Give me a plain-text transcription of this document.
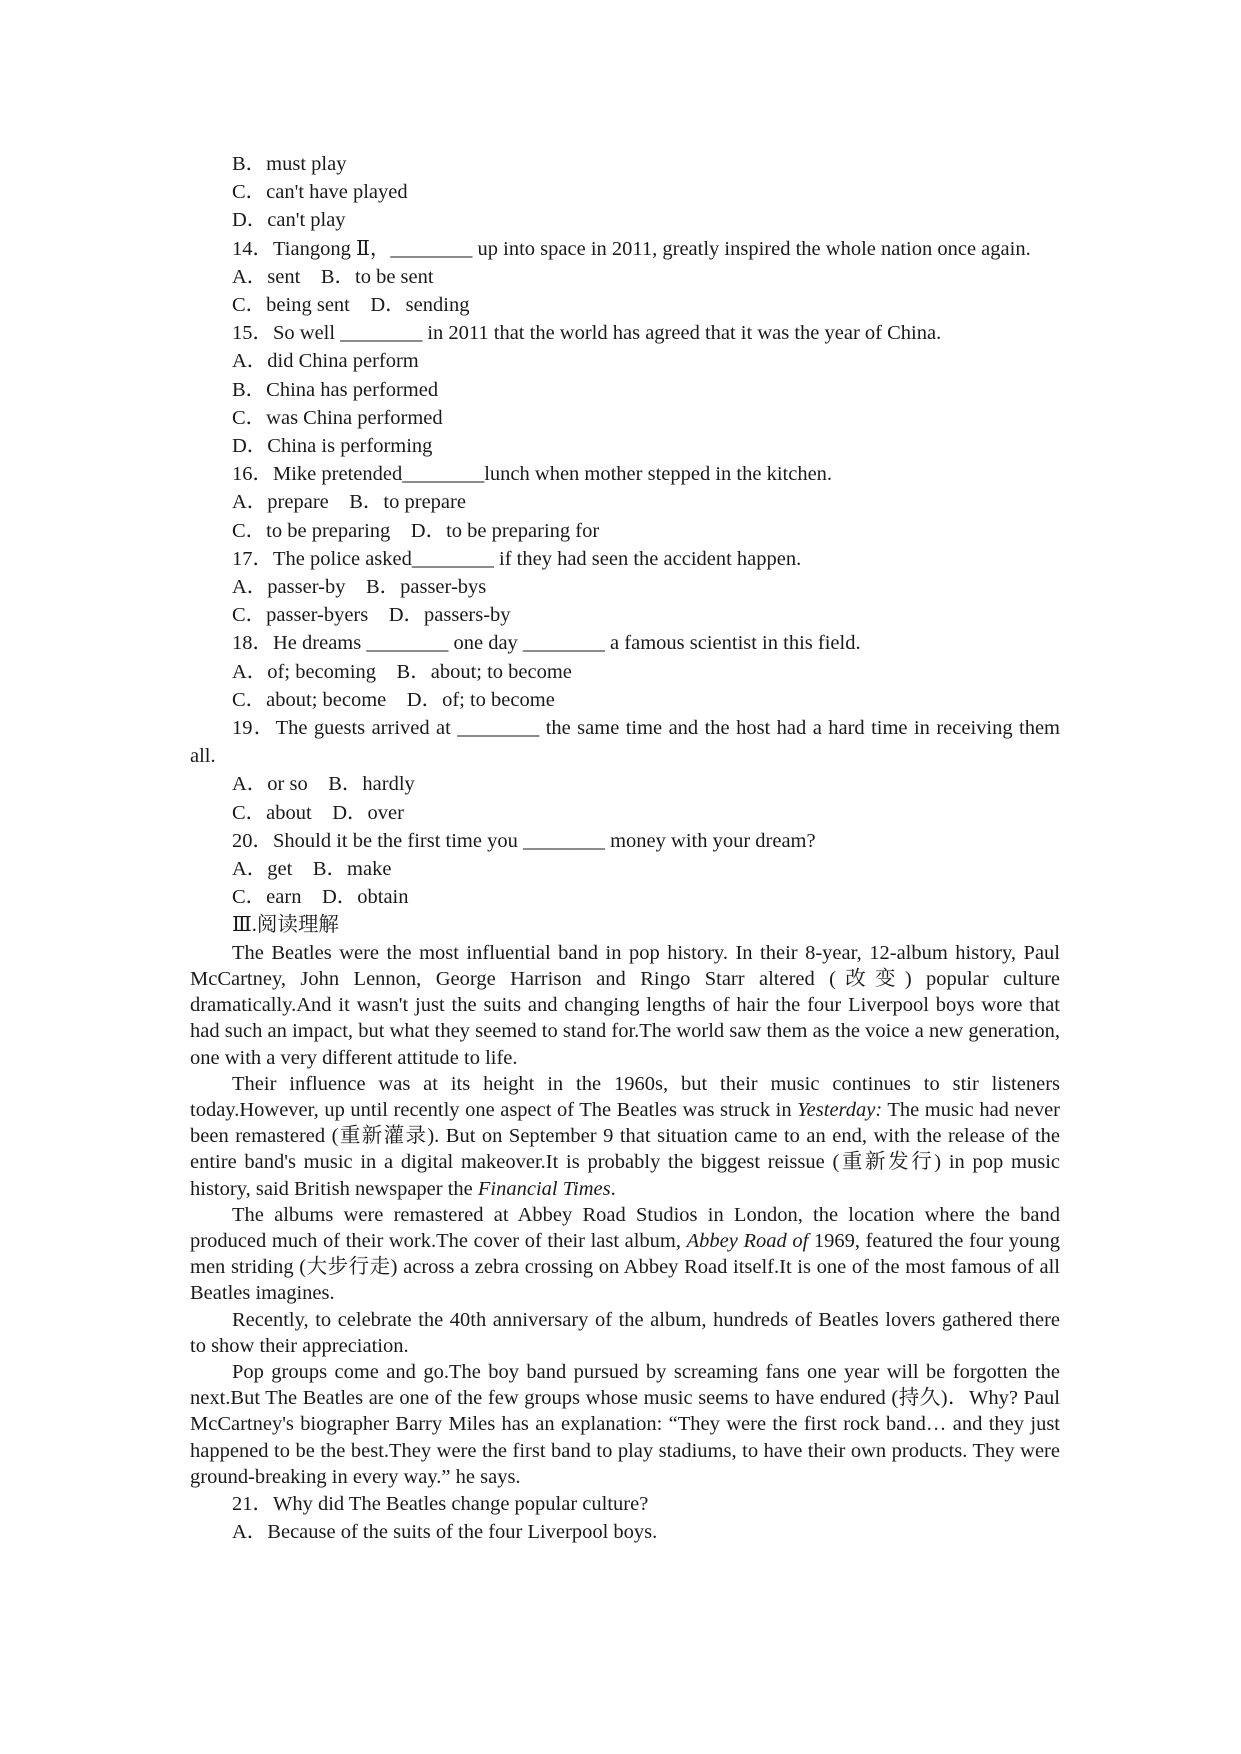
B．must play
C．can't have played
D．can't play

14．Tiangong Ⅱ，________ up into space in 2011, greatly inspired the whole nation once again.

A．sent    B．to be sent
C．being sent    D．sending
15．So well ________ in 2011 that the world has agreed that it was the year of China.
A．did China perform
B．China has performed
C．was China performed
D．China is performing
16．Mike pretended________lunch when mother stepped in the kitchen.
A．prepare    B．to prepare
C．to be preparing    D．to be preparing for
17．The police asked________ if they had seen the accident happen.
A．passer-by    B．passer-bys
C．passer-byers    D．passers-by
18．He dreams ________ one day ________ a famous scientist in this field.
A．of; becoming    B．about; to become
C．about; become    D．of; to become

19．The guests arrived at ________ the same time and the host had a hard time in receiving them all.

A．or so    B．hardly
C．about    D．over
20．Should it be the first time you ________ money with your dream?
A．get    B．make
C．earn    D．obtain
Ⅲ.阅读理解

The Beatles were the most influential band in pop history. In their 8-year, 12-album history, Paul McCartney, John Lennon, George Harrison and Ringo Starr altered (改变) popular culture dramatically.And it wasn't just the suits and changing lengths of hair the four Liverpool boys wore that had such an impact, but what they seemed to stand for.The world saw them as the voice a new generation, one with a very different attitude to life.

Their influence was at its height in the 1960s, but their music continues to stir listeners today.However, up until recently one aspect of The Beatles was struck in Yesterday: The music had never been remastered (重新灌录). But on September 9 that situation came to an end, with the release of the entire band's music in a digital makeover.It is probably the biggest reissue (重新发行) in pop music history, said British newspaper the Financial Times.

The albums were remastered at Abbey Road Studios in London, the location where the band produced much of their work.The cover of their last album, Abbey Road of 1969, featured the four young men striding (大步行走) across a zebra crossing on Abbey Road itself.It is one of the most famous of all Beatles imagines.

Recently, to celebrate the 40th anniversary of the album, hundreds of Beatles lovers gathered there to show their appreciation.

Pop groups come and go.The boy band pursued by screaming fans one year will be forgotten the next.But The Beatles are one of the few groups whose music seems to have endured (持久)．Why? Paul McCartney's biographer Barry Miles has an explanation: “They were the first rock band… and they just happened to be the best.They were the first band to play stadiums, to have their own products. They were ground-breaking in every way.” he says.

21．Why did The Beatles change popular culture?
A．Because of the suits of the four Liverpool boys.
